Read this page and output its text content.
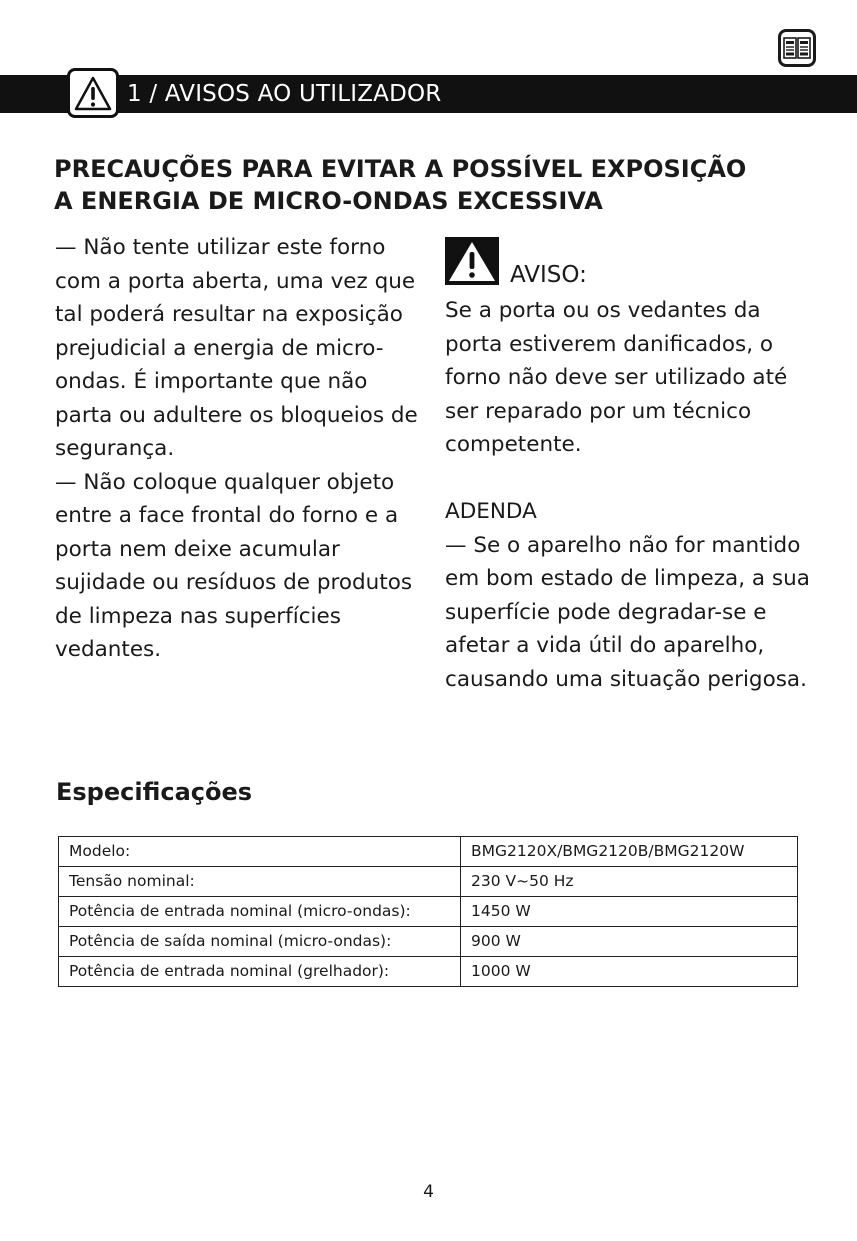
1 / AVISOS AO UTILIZADOR
PRECAUÇÕES PARA EVITAR A POSSÍVEL EXPOSIÇÃO
A ENERGIA DE MICRO-ONDAS EXCESSIVA

— Não tente utilizar este forno com a porta aberta, uma vez que tal poderá resultar na exposição prejudicial a energia de micro-ondas. É importante que não parta ou adultere os bloqueios de segurança.

— Não coloque qualquer objeto entre a face frontal do forno e a porta nem deixe acumular sujidade ou resíduos de produtos de limpeza nas superfícies vedantes.

AVISO:

Se a porta ou os vedantes da porta estiverem danificados, o forno não deve ser utilizado até ser reparado por um técnico competente.

ADENDA

— Se o aparelho não for mantido em bom estado de limpeza, a sua superfície pode degradar-se e afetar a vida útil do aparelho, causando uma situação perigosa.

Especificações
Modelo:	BMG2120X/BMG2120B/BMG2120W
Tensão nominal:	230 V~50 Hz
Potência de entrada nominal (micro-ondas):	1450 W
Potência de saída nominal (micro-ondas):	900 W
Potência de entrada nominal (grelhador):	1000 W
4
